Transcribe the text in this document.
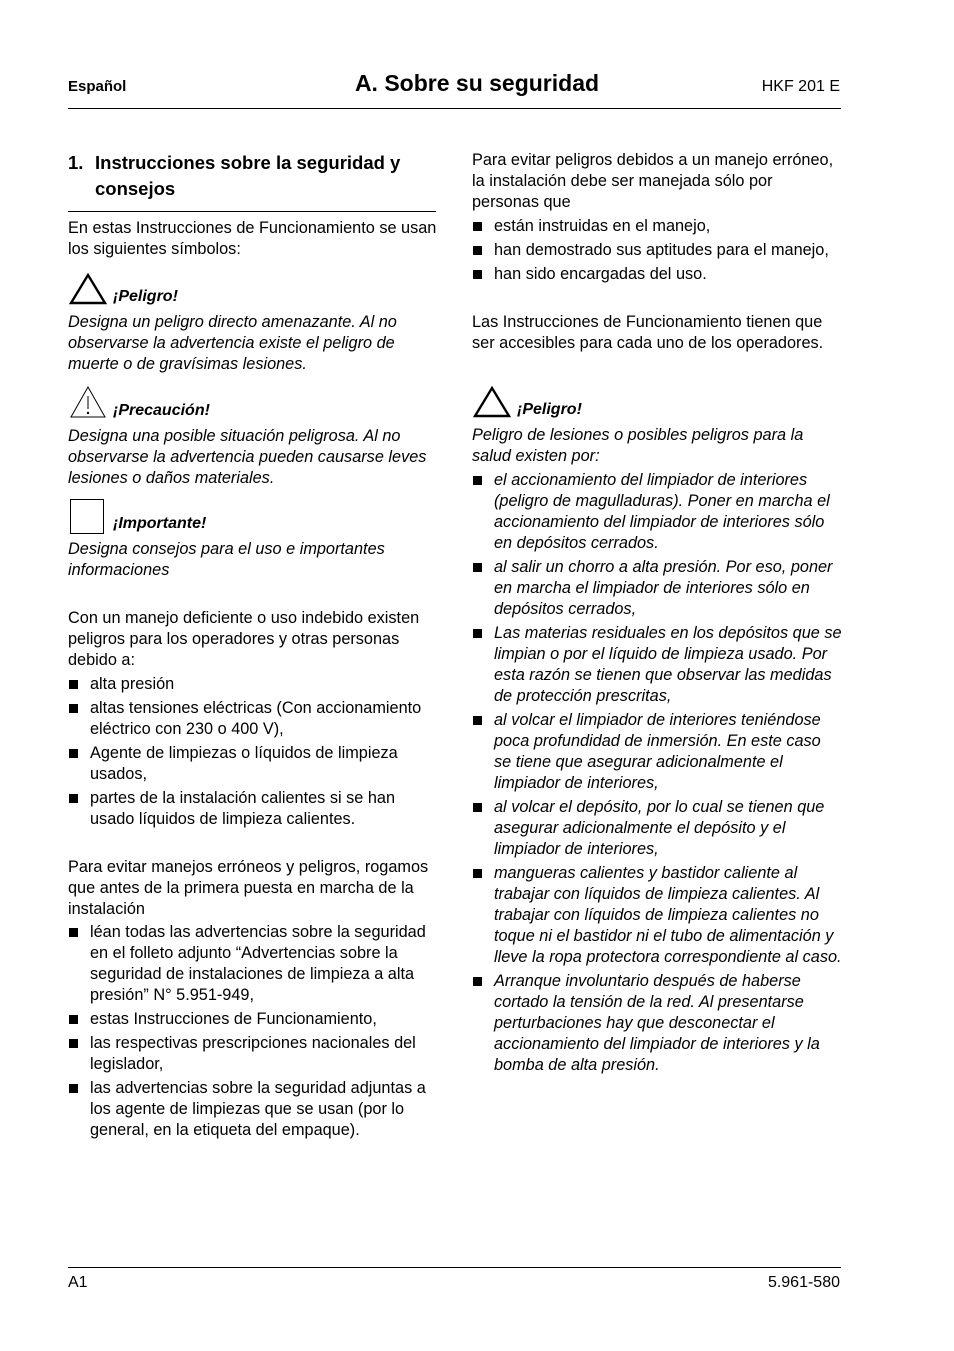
Español	A. Sobre su seguridad	HKF 201 E
1. Instrucciones sobre la seguridad y consejos
En estas Instrucciones de Funcionamiento se usan los siguientes símbolos:
¡Peligro!
Designa un peligro directo amenazante. Al no observarse la advertencia existe el peligro de muerte o de gravísimas lesiones.
¡Precaución!
Designa una posible situación peligrosa. Al no observarse la advertencia pueden causarse leves lesiones o daños materiales.
¡Importante!
Designa consejos para el uso e importantes informaciones
Con un manejo deficiente o uso indebido existen peligros para los operadores y otras personas debido a:
alta presión
altas tensiones eléctricas (Con accionamiento eléctrico con 230 o 400 V),
Agente de limpiezas o líquidos de limpieza usados,
partes de la instalación calientes si se han usado líquidos de limpieza calientes.
Para evitar manejos erróneos y peligros, rogamos que antes de la primera puesta en marcha de la instalación
léan todas las advertencias sobre la seguridad en el folleto adjunto “Advertencias sobre la seguridad de instalaciones de limpieza a alta presión” N° 5.951-949,
estas Instrucciones de Funcionamiento,
las respectivas prescripciones nacionales del legislador,
las advertencias sobre la seguridad adjuntas a los agente de limpiezas que se usan (por lo general, en la etiqueta del empaque).
Para evitar peligros debidos a un manejo erróneo, la instalación debe ser manejada sólo por personas que
están instruidas en el manejo,
han demostrado sus aptitudes para el manejo,
han sido encargadas del uso.
Las Instrucciones de Funcionamiento tienen que ser accesibles para cada uno de los operadores.
¡Peligro!
Peligro de lesiones o posibles peligros para la salud existen por:
el accionamiento del limpiador de interiores (peligro de magulladuras). Poner en marcha el accionamiento del limpiador de interiores sólo en depósitos cerrados.
al salir un chorro a alta presión. Por eso, poner en marcha el limpiador de interiores sólo en depósitos cerrados,
Las materias residuales en los depósitos que se limpian o por el líquido de limpieza usado. Por esta razón se tienen que observar las medidas de protección prescritas,
al volcar el limpiador de interiores teniéndose poca profundidad de inmersión. En este caso se tiene que asegurar adicionalmente el limpiador de interiores,
al volcar el depósito, por lo cual se tienen que asegurar adicionalmente el depósito y el limpiador de interiores,
mangueras calientes y bastidor caliente al trabajar con líquidos de limpieza calientes. Al trabajar con líquidos de limpieza calientes no toque ni el bastidor ni el tubo de alimentación y lleve la ropa protectora correspondiente al caso.
Arranque involuntario después de haberse cortado la tensión de la red. Al presentarse perturbaciones hay que desconectar el accionamiento del limpiador de interiores y la bomba de alta presión.
A1	5.961-580
